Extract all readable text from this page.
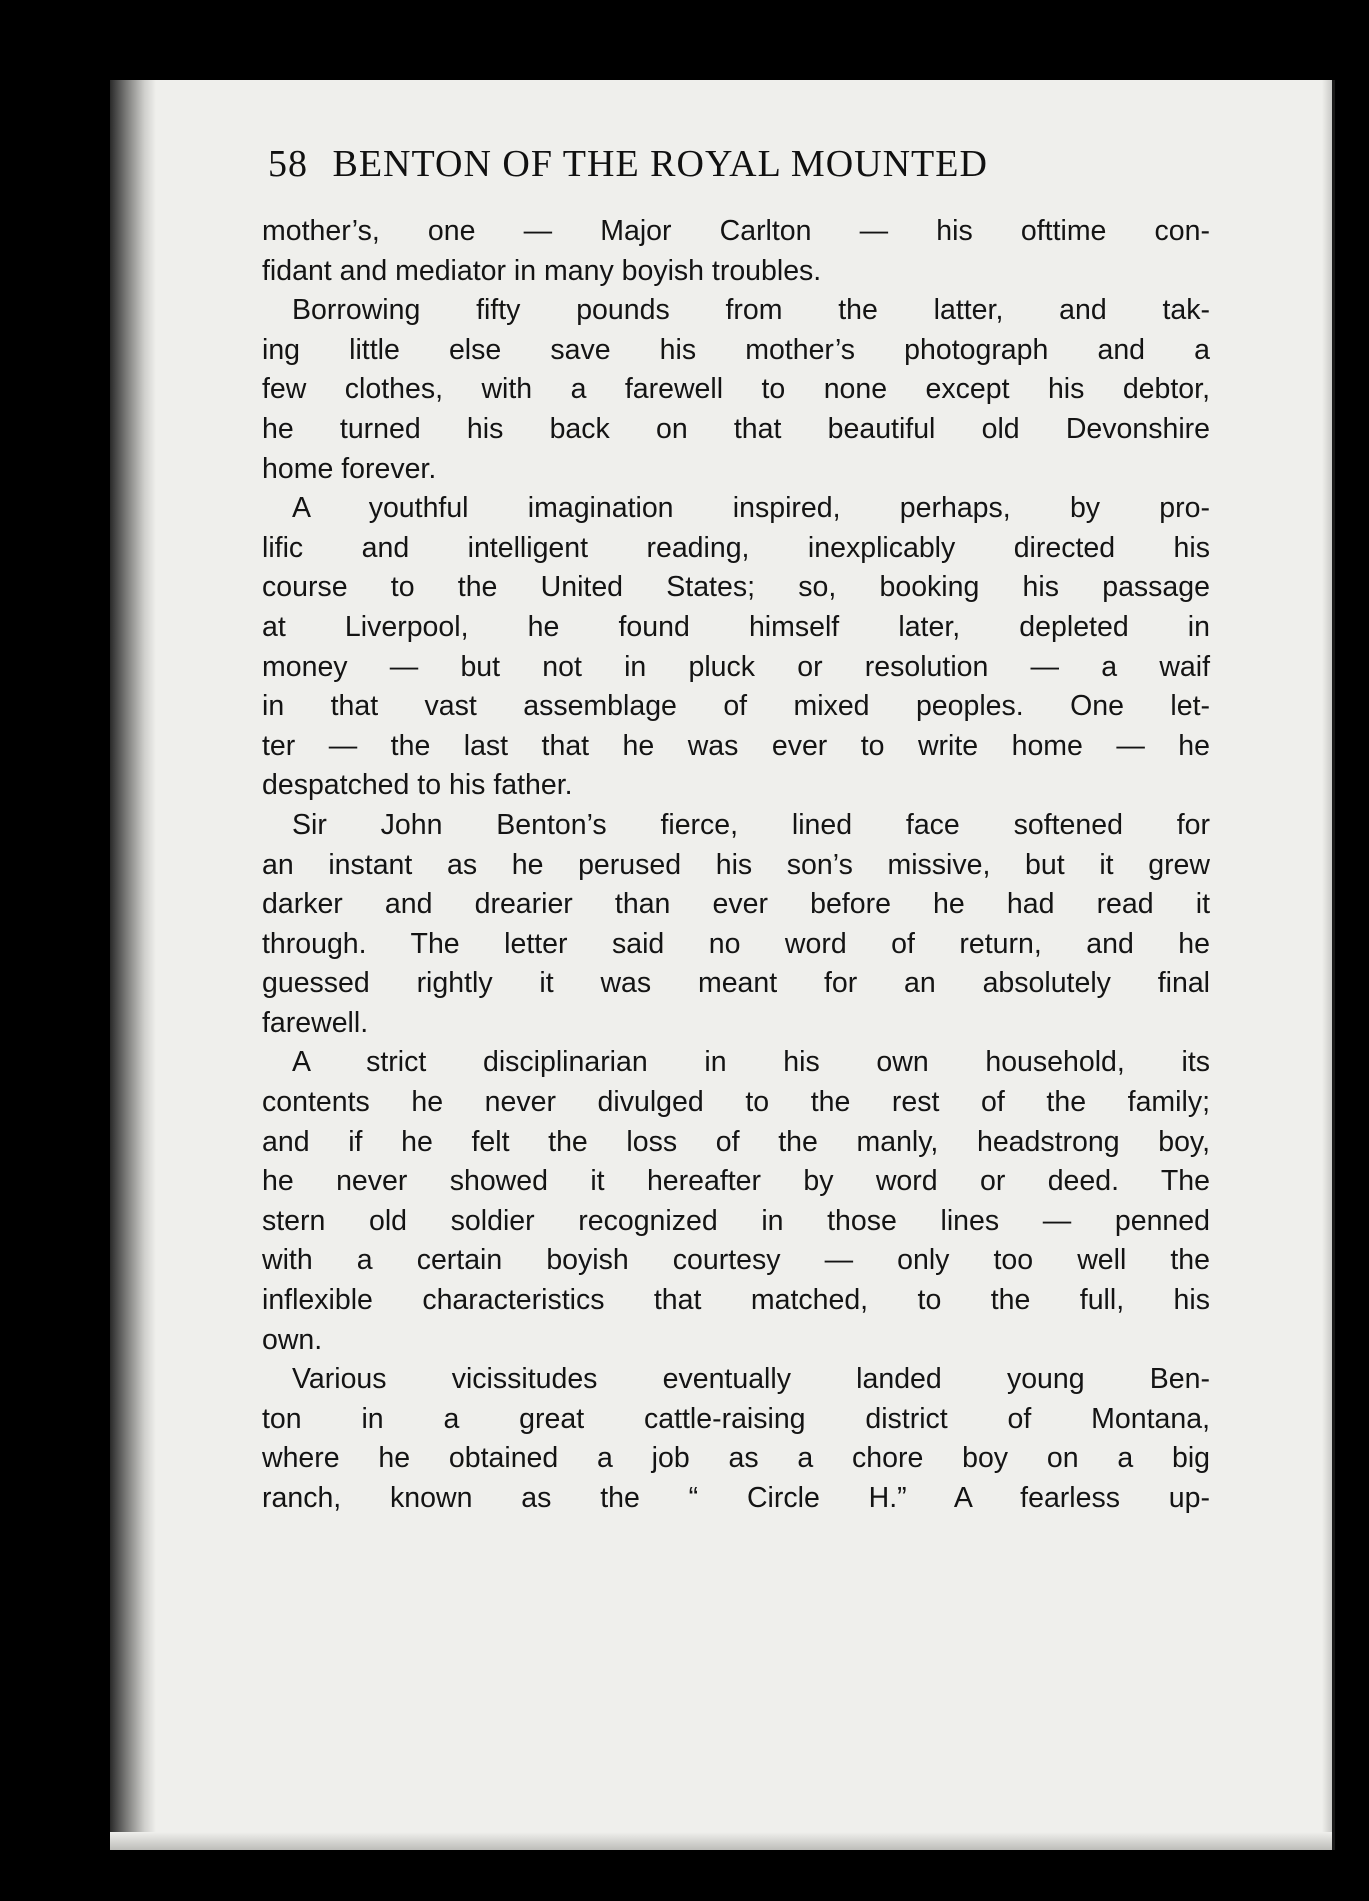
58 BENTON OF THE ROYAL MOUNTED
mother’s, one — Major Carlton — his ofttime con-
fidant and mediator in many boyish troubles.
Borrowing fifty pounds from the latter, and tak-
ing little else save his mother’s photograph and a
few clothes, with a farewell to none except his debtor,
he turned his back on that beautiful old Devonshire
home forever.
A youthful imagination inspired, perhaps, by pro-
lific and intelligent reading, inexplicably directed his
course to the United States; so, booking his passage
at Liverpool, he found himself later, depleted in
money — but not in pluck or resolution — a waif
in that vast assemblage of mixed peoples. One let-
ter — the last that he was ever to write home — he
despatched to his father.
Sir John Benton’s fierce, lined face softened for
an instant as he perused his son’s missive, but it grew
darker and drearier than ever before he had read it
through. The letter said no word of return, and he
guessed rightly it was meant for an absolutely final
farewell.
A strict disciplinarian in his own household, its
contents he never divulged to the rest of the family;
and if he felt the loss of the manly, headstrong boy,
he never showed it hereafter by word or deed. The
stern old soldier recognized in those lines — penned
with a certain boyish courtesy — only too well the
inflexible characteristics that matched, to the full, his
own.
Various vicissitudes eventually landed young Ben-
ton in a great cattle-raising district of Montana,
where he obtained a job as a chore boy on a big
ranch, known as the “ Circle H.” A fearless up-
